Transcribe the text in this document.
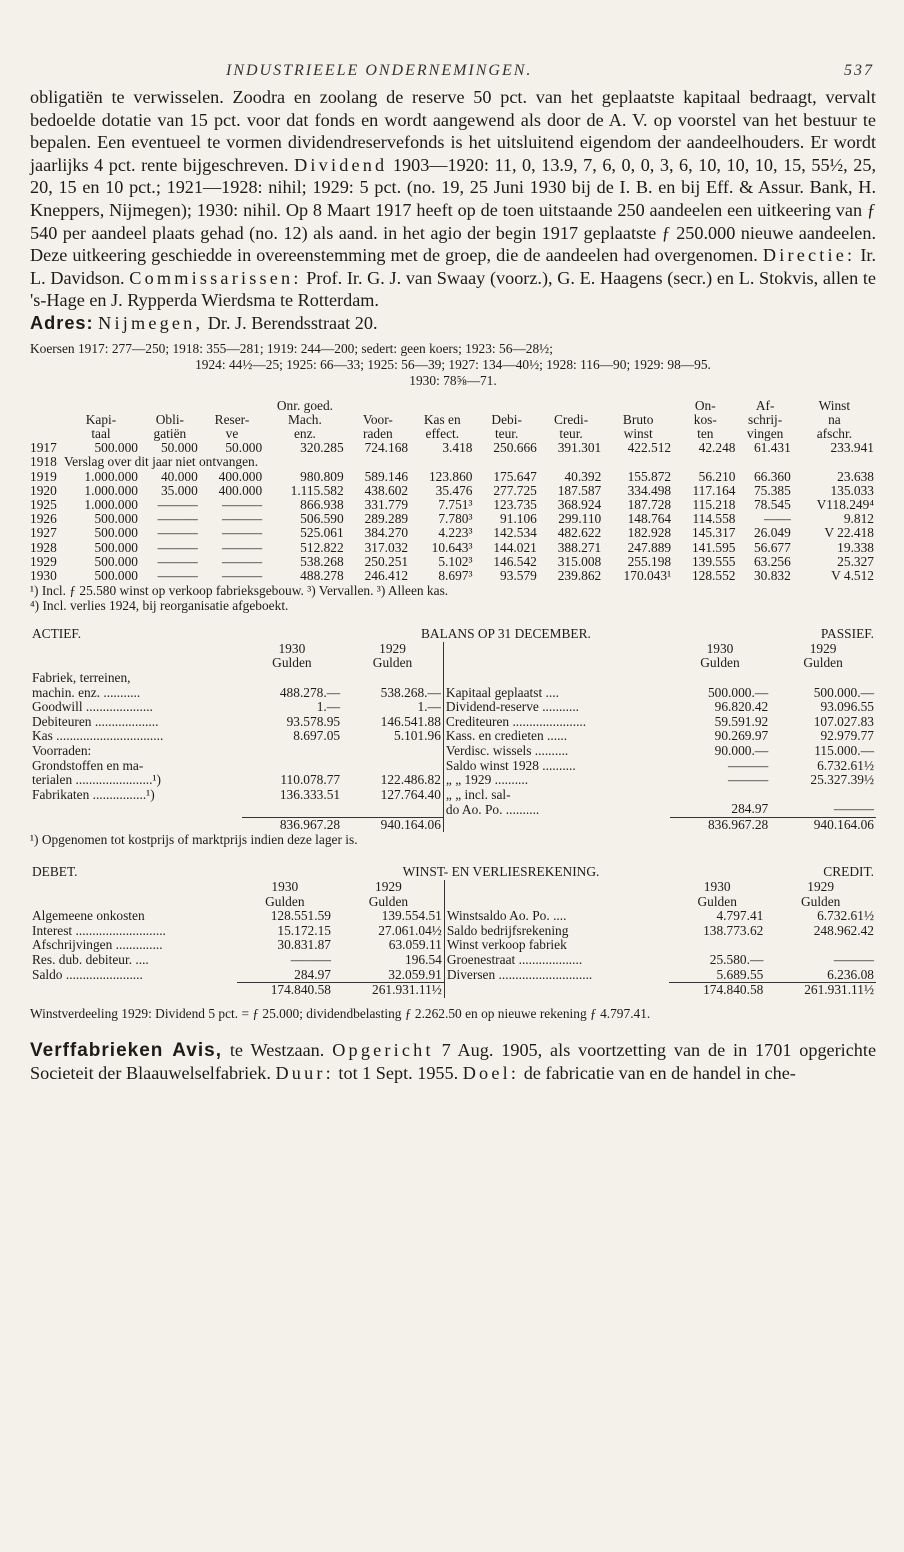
INDUSTRIEELE ONDERNEMINGEN.	537

obligatiën te verwisselen. Zoodra en zoolang de reserve 50 pct. van het geplaatste kapitaal bedraagt, vervalt bedoelde dotatie van 15 pct. voor dat fonds en wordt aangewend als door de A. V. op voorstel van het bestuur te bepalen. Een eventueel te vormen dividendreservefonds is het uitsluitend eigendom der aandeelhouders. Er wordt jaarlijks 4 pct. rente bijgeschreven. Dividend 1903—1920: 11, 0, 13.9, 7, 6, 0, 0, 3, 6, 10, 10, 10, 15, 55½, 25, 20, 15 en 10 pct.; 1921—1928: nihil; 1929: 5 pct. (no. 19, 25 Juni 1930 bij de I. B. en bij Eff. & Assur. Bank, H. Kneppers, Nijmegen); 1930: nihil. Op 8 Maart 1917 heeft op de toen uitstaande 250 aandeelen een uitkeering van ƒ 540 per aandeel plaats gehad (no. 12) als aand. in het agio der begin 1917 geplaatste ƒ 250.000 nieuwe aandeelen. Deze uitkeering geschiedde in overeenstemming met de groep, die de aandeelen had overgenomen. Directie: Ir. L. Davidson. Commissarissen: Prof. Ir. G. J. van Swaay (voorz.), G. E. Haagens (secr.) en L. Stokvis, allen te 's-Hage en J. Rypperda Wierdsma te Rotterdam.

Adres: Nijmegen, Dr. J. Berendsstraat 20.

Koersen 1917: 277—250; 1918: 355—281; 1919: 244—200; sedert: geen koers; 1923: 56—28½;
1924: 44½—25; 1925: 66—33; 1925: 56—39; 1927: 134—40½; 1928: 116—90; 1929: 98—95.
1930: 78⅝—71.
				Onr. goed.						On-	Af-	Winst
	Kapi-	Obli-	Reser-	Mach.	Voor-	Kas en	Debi-	Credi-	Bruto	kos-	schrij-	na
	taal	gatiën	ve	enz.	raden	effect.	teur.	teur.	winst	ten	vingen	afschr.
1917	500.000	50.000	50.000	320.285	724.168	3.418	250.666	391.301	422.512	42.248	61.431	233.941
1918	Verslag over dit jaar niet ontvangen.											
1919	1.000.000	40.000	400.000	980.809	589.146	123.860	175.647	40.392	155.872	56.210	66.360	23.638
1920	1.000.000	35.000	400.000	1.115.582	438.602	35.476	277.725	187.587	334.498	117.164	75.385	135.033
1925	1.000.000	———	———	866.938	331.779	7.751³	123.735	368.924	187.728	115.218	78.545	V118.249⁴
1926	500.000	———	———	506.590	289.289	7.780³	91.106	299.110	148.764	114.558	——	9.812
1927	500.000	———	———	525.061	384.270	4.223³	142.534	482.622	182.928	145.317	26.049	V 22.418
1928	500.000	———	———	512.822	317.032	10.643³	144.021	388.271	247.889	141.595	56.677	19.338
1929	500.000	———	———	538.268	250.251	5.102³	146.542	315.008	255.198	139.555	63.256	25.327
1930	500.000	———	———	488.278	246.412	8.697³	93.579	239.862	170.043¹	128.552	30.832	V 4.512
¹) Incl. ƒ 25.580 winst op verkoop fabrieksgebouw. ³) Vervallen. ³) Alleen kas.
⁴) Incl. verlies 1924, bij reorganisatie afgeboekt.
ACTIEF.	BALANS OP 31 DECEMBER.				PASSIEF.
	1930	1929		1930	1929
	Gulden	Gulden		Gulden	Gulden
Fabriek, terreinen,					
machin. enz. ...........	488.278.—	538.268.—	Kapitaal geplaatst ....	500.000.—	500.000.—
Goodwill ....................	1.—	1.—	Dividend-reserve ...........	96.820.42	93.096.55
Debiteuren ...................	93.578.95	146.541.88	Crediteuren ......................	59.591.92	107.027.83
Kas ................................	8.697.05	5.101.96	Kass. en credieten ......	90.269.97	92.979.77
Voorraden:			Verdisc. wissels ..........	90.000.—	115.000.—
Grondstoffen en ma-			Saldo winst 1928 ..........	———	6.732.61½
terialen .......................¹)	110.078.77	122.486.82	„ „ 1929 ..........	———	25.327.39½
Fabrikaten ................¹)	136.333.51	127.764.40	„ „ incl. sal-		
			do Ao. Po. ..........	284.97	———
	836.967.28	940.164.06		836.967.28	940.164.06
¹) Opgenomen tot kostprijs of marktprijs indien deze lager is.
DEBET.	WINST- EN VERLIESREKENING.				CREDIT.
	1930	1929		1930	1929
	Gulden	Gulden		Gulden	Gulden
Algemeene onkosten	128.551.59	139.554.51	Winstsaldo Ao. Po. ....	4.797.41	6.732.61½
Interest ...........................	15.172.15	27.061.04½	Saldo bedrijfsrekening	138.773.62	248.962.42
Afschrijvingen ..............	30.831.87	63.059.11	Winst verkoop fabriek		
Res. dub. debiteur. ....	———	196.54	Groenestraat ...................	25.580.—	———
Saldo .......................	284.97	32.059.91	Diversen ............................	5.689.55	6.236.08
	174.840.58	261.931.11½		174.840.58	261.931.11½
Winstverdeeling 1929: Dividend 5 pct. = ƒ 25.000; dividendbelasting ƒ 2.262.50 en op nieuwe rekening ƒ 4.797.41.

Verffabrieken Avis, te Westzaan. Opgericht 7 Aug. 1905, als voortzetting van de in 1701 opgerichte Societeit der Blaauwelselfabriek. Duur: tot 1 Sept. 1955. Doel: de fabricatie van en de handel in che-
